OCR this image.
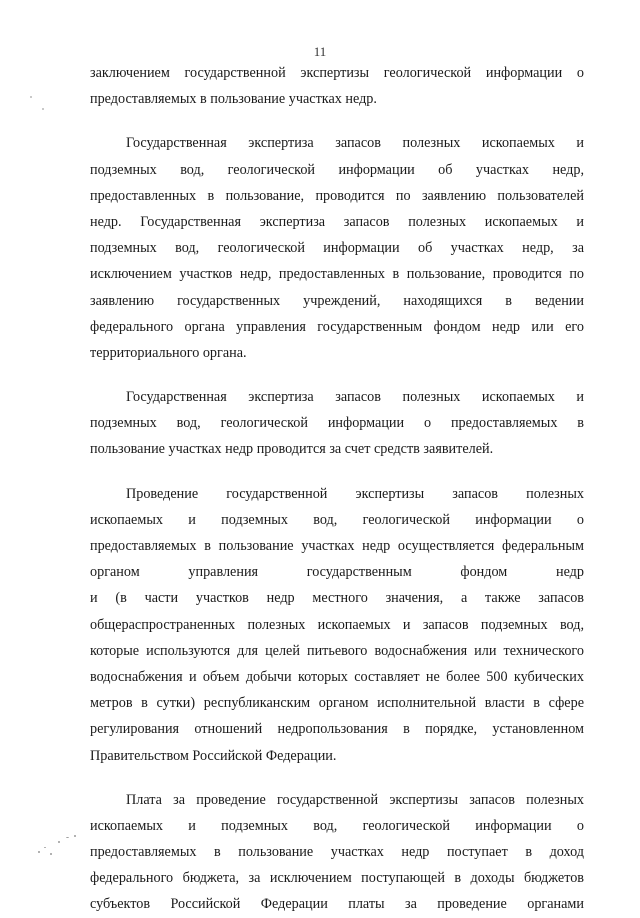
11
заключением государственной экспертизы геологической информации о
предоставляемых в пользование участках недр.
Государственная экспертиза запасов полезных ископаемых и
подземных вод, геологической информации об участках недр,
предоставленных в пользование, проводится по заявлению пользователей
недр. Государственная экспертиза запасов полезных ископаемых и
подземных вод, геологической информации об участках недр, за
исключением участков недр, предоставленных в пользование, проводится по
заявлению государственных учреждений, находящихся в ведении
федерального органа управления государственным фондом недр или его
территориального органа.
Государственная экспертиза запасов полезных ископаемых и
подземных вод, геологической информации о предоставляемых в
пользование участках недр проводится за счет средств заявителей.
Проведение государственной экспертизы запасов полезных
ископаемых и подземных вод, геологической информации о
предоставляемых в пользование участках недр осуществляется федеральным
органом управления государственным фондом недр
и (в части участков недр местного значения, а также запасов
общераспространенных полезных ископаемых и запасов подземных вод,
которые используются для целей питьевого водоснабжения или технического
водоснабжения и объем добычи которых составляет не более 500 кубических
метров в сутки) республиканским органом исполнительной власти в сфере
регулирования отношений недропользования в порядке, установленном
Правительством Российской Федерации.
Плата за проведение государственной экспертизы запасов полезных
ископаемых и подземных вод, геологической информации о
предоставляемых в пользование участках недр поступает в доход
федерального бюджета, за исключением поступающей в доходы бюджетов
субъектов Российской Федерации платы за проведение органами
